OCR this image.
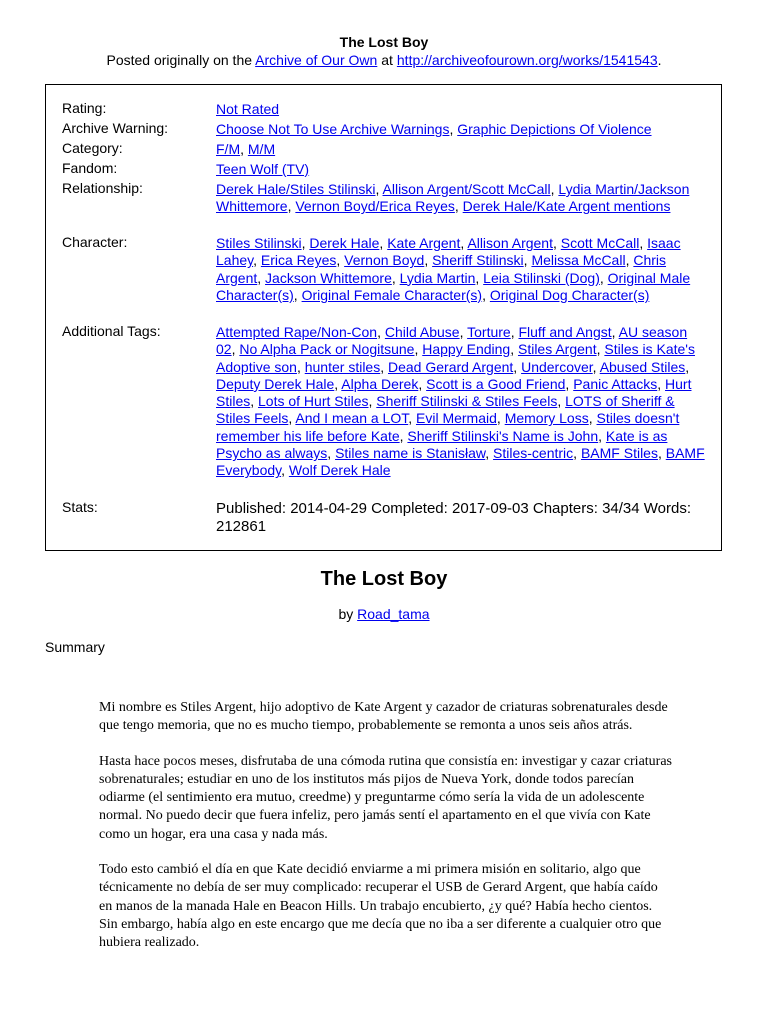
The Lost Boy
Posted originally on the Archive of Our Own at http://archiveofourown.org/works/1541543.
Rating:	Not Rated
Archive Warning:	Choose Not To Use Archive Warnings, Graphic Depictions Of Violence
Category:	F/M, M/M
Fandom:	Teen Wolf (TV)
Relationship:	Derek Hale/Stiles Stilinski, Allison Argent/Scott McCall, Lydia Martin/Jackson Whittemore, Vernon Boyd/Erica Reyes, Derek Hale/Kate Argent mentions
Character:	Stiles Stilinski, Derek Hale, Kate Argent, Allison Argent, Scott McCall, Isaac Lahey, Erica Reyes, Vernon Boyd, Sheriff Stilinski, Melissa McCall, Chris Argent, Jackson Whittemore, Lydia Martin, Leia Stilinski (Dog), Original Male Character(s), Original Female Character(s), Original Dog Character(s)
Additional Tags:	Attempted Rape/Non-Con, Child Abuse, Torture, Fluff and Angst, AU season 02, No Alpha Pack or Nogitsune, Happy Ending, Stiles Argent, Stiles is Kate's Adoptive son, hunter stiles, Dead Gerard Argent, Undercover, Abused Stiles, Deputy Derek Hale, Alpha Derek, Scott is a Good Friend, Panic Attacks, Hurt Stiles, Lots of Hurt Stiles, Sheriff Stilinski & Stiles Feels, LOTS of Sheriff & Stiles Feels, And I mean a LOT, Evil Mermaid, Memory Loss, Stiles doesn't remember his life before Kate, Sheriff Stilinski's Name is John, Kate is as Psycho as always, Stiles name is Stanisław, Stiles-centric, BAMF Stiles, BAMF Everybody, Wolf Derek Hale
Stats:	Published: 2014-04-29 Completed: 2017-09-03 Chapters: 34/34 Words: 212861
The Lost Boy
by Road_tama
Summary

Mi nombre es Stiles Argent, hijo adoptivo de Kate Argent y cazador de criaturas sobrenaturales desde que tengo memoria, que no es mucho tiempo, probablemente se remonta a unos seis años atrás.

Hasta hace pocos meses, disfrutaba de una cómoda rutina que consistía en: investigar y cazar criaturas sobrenaturales; estudiar en uno de los institutos más pijos de Nueva York, donde todos parecían odiarme (el sentimiento era mutuo, creedme) y preguntarme cómo sería la vida de un adolescente normal. No puedo decir que fuera infeliz, pero jamás sentí el apartamento en el que vivía con Kate como un hogar, era una casa y nada más.

Todo esto cambió el día en que Kate decidió enviarme a mi primera misión en solitario, algo que técnicamente no debía de ser muy complicado: recuperar el USB de Gerard Argent, que había caído en manos de la manada Hale en Beacon Hills. Un trabajo encubierto, ¿y qué? Había hecho cientos. Sin embargo, había algo en este encargo que me decía que no iba a ser diferente a cualquier otro que hubiera realizado.
